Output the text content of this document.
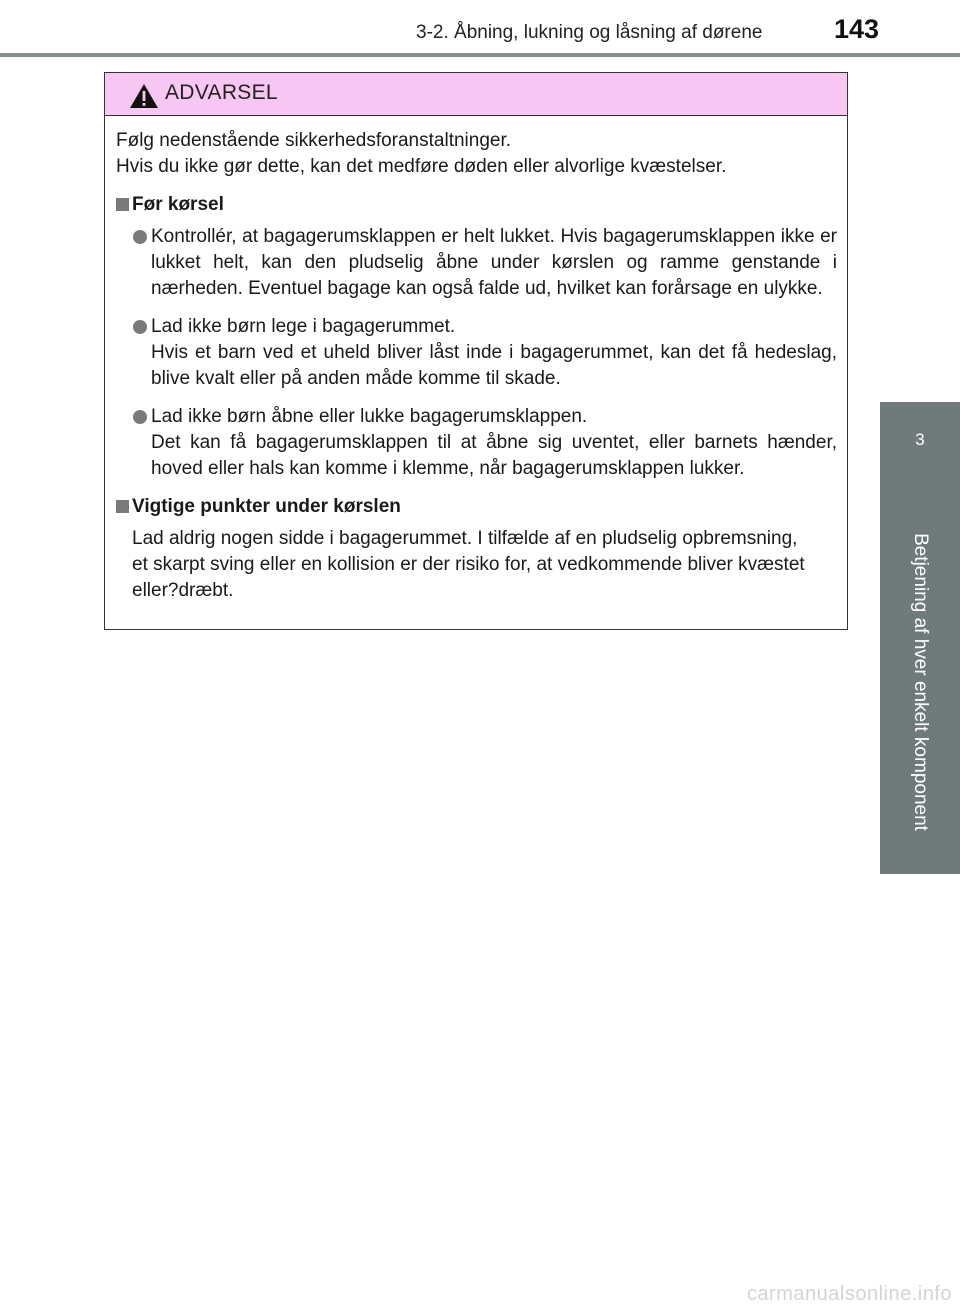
3-2. Åbning, lukning og låsning af dørene	143
3
Betjening af hver enkelt komponent
ADVARSEL

Følg nedenstående sikkerhedsforanstaltninger.

Hvis du ikke gør dette, kan det medføre døden eller alvorlige kvæstelser.

Før kørsel

Kontrollér, at bagagerumsklappen er helt lukket. Hvis bagagerumsklappen ikke er lukket helt, kan den pludselig åbne under kørslen og ramme genstande i nærheden. Eventuel bagage kan også falde ud, hvilket kan forårsage en ulykke.

Lad ikke børn lege i bagagerummet.

Hvis et barn ved et uheld bliver låst inde i bagagerummet, kan det få hedeslag, blive kvalt eller på anden måde komme til skade.

Lad ikke børn åbne eller lukke bagagerumsklappen.

Det kan få bagagerumsklappen til at åbne sig uventet, eller barnets hænder, hoved eller hals kan komme i klemme, når bagagerumsklappen lukker.

Vigtige punkter under kørslen

Lad aldrig nogen sidde i bagagerummet. I tilfælde af en pludselig opbremsning, et skarpt sving eller en kollision er der risiko for, at vedkommende bliver kvæstet eller?dræbt.

carmanualsonline.info
